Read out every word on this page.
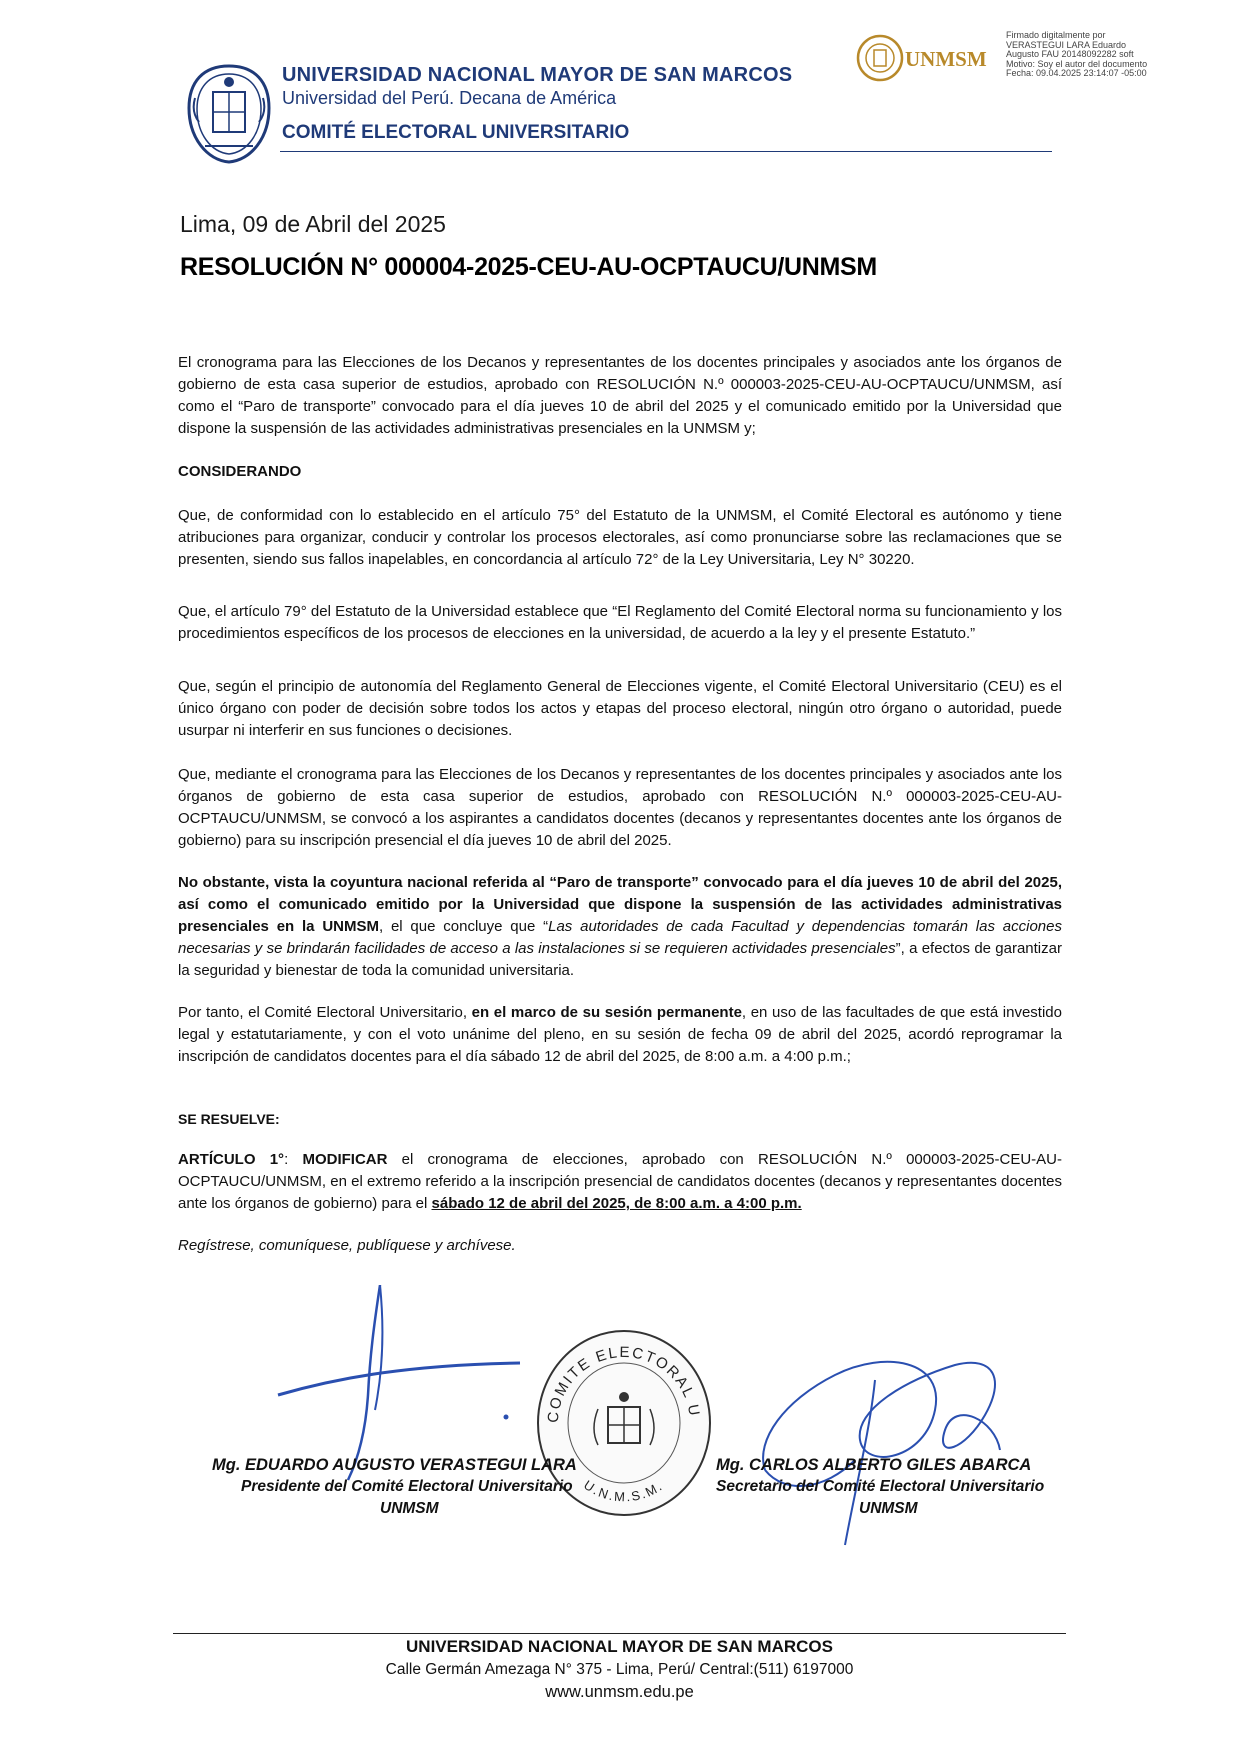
UNIVERSIDAD NACIONAL MAYOR DE SAN MARCOS
Universidad del Perú. Decana de América
COMITÉ ELECTORAL UNIVERSITARIO
UNMSM
Firmado digitalmente por
VERASTEGUI LARA Eduardo
Augusto FAU 20148092282 soft
Motivo: Soy el autor del documento
Fecha: 09.04.2025 23:14:07 -05:00
Lima, 09 de Abril del 2025
RESOLUCIÓN N° 000004-2025-CEU-AU-OCPTAUCU/UNMSM

El cronograma para las Elecciones de los Decanos y representantes de los docentes principales y asociados ante los órganos de gobierno de esta casa superior de estudios, aprobado con RESOLUCIÓN N.º 000003-2025-CEU-AU-OCPTAUCU/UNMSM, así como el “Paro de transporte” convocado para el día jueves 10 de abril del 2025 y el comunicado emitido por la Universidad que dispone la suspensión de las actividades administrativas presenciales en la UNMSM y;

CONSIDERANDO

Que, de conformidad con lo establecido en el artículo 75° del Estatuto de la UNMSM, el Comité Electoral es autónomo y tiene atribuciones para organizar, conducir y controlar los procesos electorales, así como pronunciarse sobre las reclamaciones que se presenten, siendo sus fallos inapelables, en concordancia al artículo 72° de la Ley Universitaria, Ley N° 30220.

Que, el artículo 79° del Estatuto de la Universidad establece que “El Reglamento del Comité Electoral norma su funcionamiento y los procedimientos específicos de los procesos de elecciones en la universidad, de acuerdo a la ley y el presente Estatuto.”

Que, según el principio de autonomía del Reglamento General de Elecciones vigente, el Comité Electoral Universitario (CEU) es el único órgano con poder de decisión sobre todos los actos y etapas del proceso electoral, ningún otro órgano o autoridad, puede usurpar ni interferir en sus funciones o decisiones.

Que, mediante el cronograma para las Elecciones de los Decanos y representantes de los docentes principales y asociados ante los órganos de gobierno de esta casa superior de estudios, aprobado con RESOLUCIÓN N.º 000003-2025-CEU-AU-OCPTAUCU/UNMSM, se convocó a los aspirantes a candidatos docentes (decanos y representantes docentes ante los órganos de gobierno) para su inscripción presencial el día jueves 10 de abril del 2025.

No obstante, vista la coyuntura nacional referida al “Paro de transporte” convocado para el día jueves 10 de abril del 2025, así como el comunicado emitido por la Universidad que dispone la suspensión de las actividades administrativas presenciales en la UNMSM, el que concluye que “Las autoridades de cada Facultad y dependencias tomarán las acciones necesarias y se brindarán facilidades de acceso a las instalaciones si se requieren actividades presenciales”, a efectos de garantizar la seguridad y bienestar de toda la comunidad universitaria.

Por tanto, el Comité Electoral Universitario, en el marco de su sesión permanente, en uso de las facultades de que está investido legal y estatutariamente, y con el voto unánime del pleno, en su sesión de fecha 09 de abril del 2025, acordó reprogramar la inscripción de candidatos docentes para el día sábado 12 de abril del 2025, de 8:00 a.m. a 4:00 p.m.;

SE RESUELVE:

ARTÍCULO 1°: MODIFICAR el cronograma de elecciones, aprobado con RESOLUCIÓN N.º 000003-2025-CEU-AU-OCPTAUCU/UNMSM, en el extremo referido a la inscripción presencial de candidatos docentes (decanos y representantes docentes ante los órganos de gobierno) para el sábado 12 de abril del 2025, de 8:00 a.m. a 4:00 p.m.

Regístrese, comuníquese, publíquese y archívese.
COMITE ELECTORAL U
U.N.M.S.M.
Mg. EDUARDO AUGUSTO VERASTEGUI LARA
Presidente del Comité Electoral Universitario
UNMSM
Mg. CARLOS ALBERTO GILES ABARCA
Secretario del Comité Electoral Universitario
UNMSM
UNIVERSIDAD NACIONAL MAYOR DE SAN MARCOS
Calle Germán Amezaga N° 375 - Lima, Perú/ Central:(511) 6197000
www.unmsm.edu.pe
